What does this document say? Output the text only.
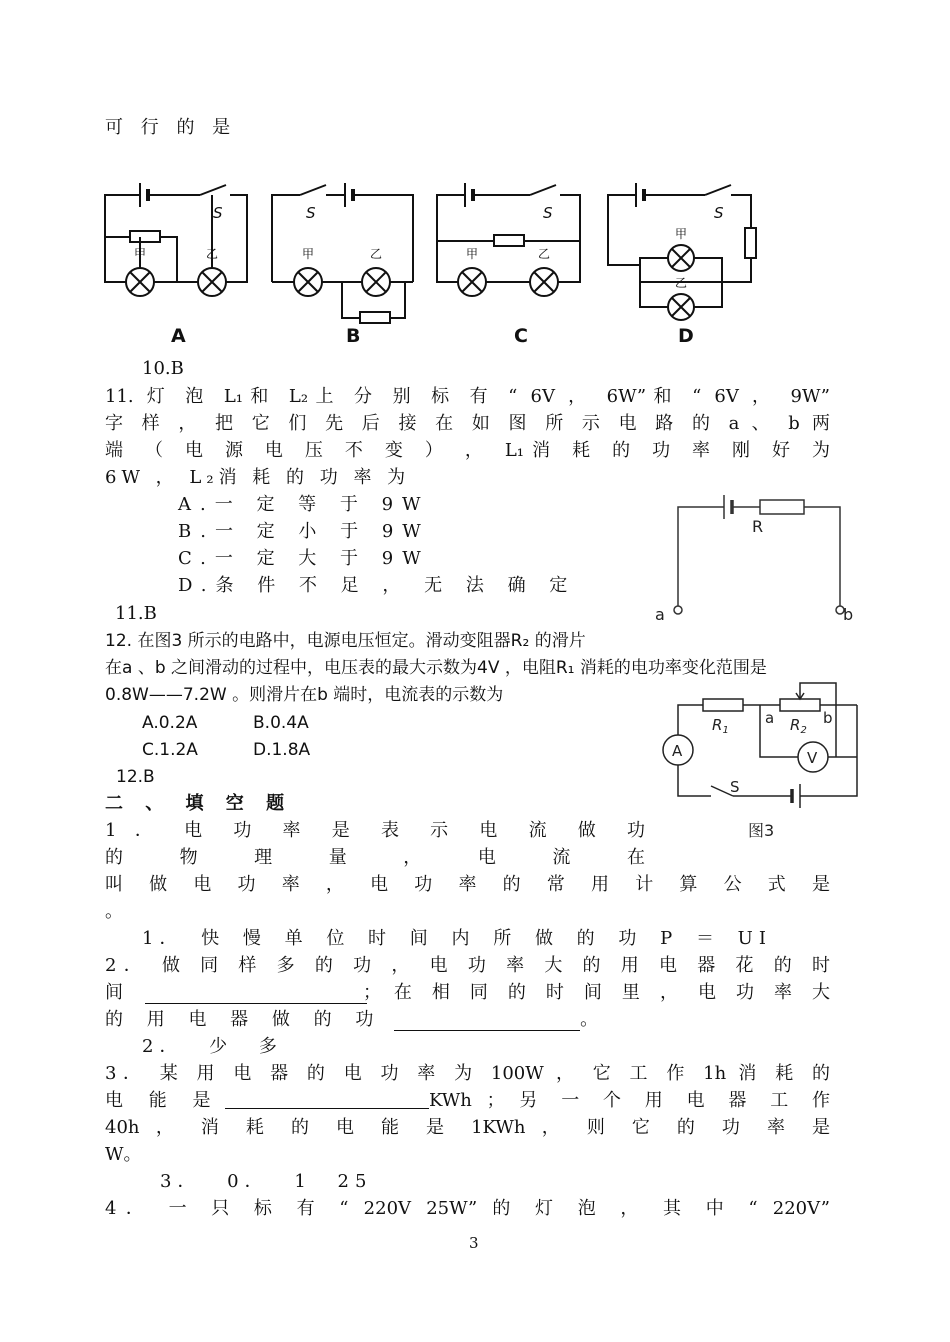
可 行 的 是
甲	乙	甲	乙	甲	乙
甲
乙
S	S	S	S
A	B	C	D
10.B
11. 灯 泡 L₁和 L₂上 分 别 标 有 “ 6V ， 6W”和 “ 6V ， 9W”
字 样 ， 把 它 们 先 后 接 在 如 图 所 示 电 路 的 a 、 b 两
端 （ 电 源 电 压 不 变 ） ， L₁消 耗 的 功 率 刚 好 为
6W ， L₂消 耗 的 功 率 为
A.一 定 等 于 9W
B.一 定 小 于 9W
C.一 定 大 于 9W
D.条 件 不 足 ， 无 法 确 定
11.B
R
a	b
12. 在图3 所示的电路中，电源电压恒定。滑动变阻器R₂ 的滑片
在a 、b 之间滑动的过程中，电压表的最大示数为4V ，电阻R₁ 消耗的电功率变化范围是
0.8W——7.2W 。则滑片在b 端时，电流表的示数为
A.0.2A	B.0.4A
C.1.2A	D.1.8A
12.B
A	V
$R_1$	$R_2$
a	b
S
图3
二 、 填 空 题
1 ． 电 功 率 是 表 示 电 流 做 功
的 物 理 量 ， 电 流 在
叫 做 电 功 率 ， 电 功 率 的 常 用 计 算 公 式 是
。
1． 快 慢 单 位 时 间 内 所 做 的 功 P ＝ UI
2． 做 同 样 多 的 功 ， 电 功 率 大 的 用 电 器 花 的 时
间	； 在 相 同 的 时 间 里 ， 电 功 率 大
的 用 电 器 做 的 功	。
2． 少 多
3． 某 用 电 器 的 电 功 率 为 100W ， 它 工 作 1h 消 耗 的
电 能 是	KWh ； 另 一 个 用 电 器 工 作
40h ， 消 耗 的 电 能 是 1KWh ， 则 它 的 功 率 是
W。
3． 0． 1 25
4． 一 只 标 有 “ 220V 25W” 的 灯 泡 ， 其 中 “ 220V”
3
